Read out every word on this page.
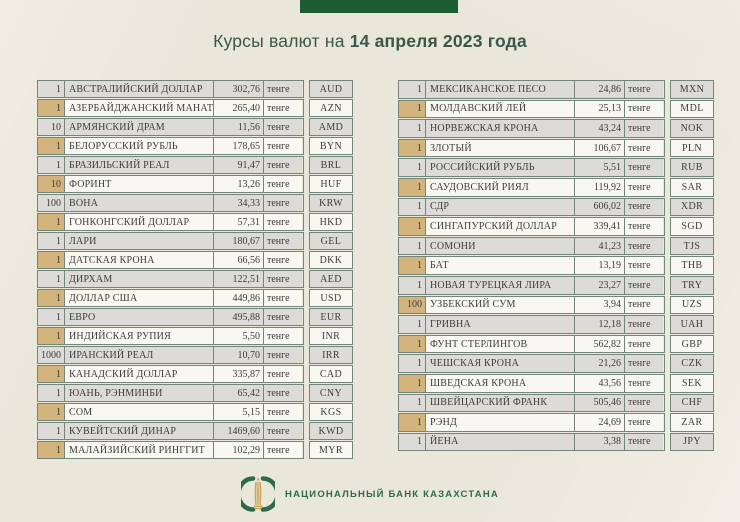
Курсы валют на 14 апреля 2023 года
1 АВСТРАЛИЙСКИЙ ДОЛЛАР	302,76 тенге	AUD
1 АЗЕРБАЙДЖАНСКИЙ МАНАТ	265,40 тенге	AZN
10 АРМЯНСКИЙ ДРАМ	11,56 тенге	AMD
1 БЕЛОРУССКИЙ РУБЛЬ	178,65 тенге	BYN
1 БРАЗИЛЬСКИЙ РЕАЛ	91,47 тенге	BRL
10 ФОРИНТ	13,26 тенге	HUF
100 ВОНА	34,33 тенге	KRW
1 ГОНКОНГСКИЙ ДОЛЛАР	57,31 тенге	HKD
1 ЛАРИ	180,67 тенге	GEL
1 ДАТСКАЯ КРОНА	66,56 тенге	DKK
1 ДИРХАМ	122,51 тенге	AED
1 ДОЛЛАР США	449,86 тенге	USD
1 ЕВРО	495,88 тенге	EUR
1 ИНДИЙСКАЯ РУПИЯ	5,50 тенге	INR
1000 ИРАНСКИЙ РЕАЛ	10,70 тенге	IRR
1 КАНАДСКИЙ ДОЛЛАР	335,87 тенге	CAD
1 ЮАНЬ, РЭНМИНБИ	65,42 тенге	CNY
1 СОМ	5,15 тенге	KGS
1 КУВЕЙТСКИЙ ДИНАР	1469,60 тенге	KWD
1 МАЛАЙЗИЙСКИЙ РИНГГИТ	102,29 тенге	MYR
1 МЕКСИКАНСКОЕ ПЕСО	24,86 тенге	MXN
1 МОЛДАВСКИЙ ЛЕЙ	25,13 тенге	MDL
1 НОРВЕЖСКАЯ КРОНА	43,24 тенге	NOK
1 ЗЛОТЫЙ	106,67 тенге	PLN
1 РОССИЙСКИЙ РУБЛЬ	5,51 тенге	RUB
1 САУДОВСКИЙ РИЯЛ	119,92 тенге	SAR
1 СДР	606,02 тенге	XDR
1 СИНГАПУРСКИЙ ДОЛЛАР	339,41 тенге	SGD
1 СОМОНИ	41,23 тенге	TJS
1 БАТ	13,19 тенге	THB
1 НОВАЯ ТУРЕЦКАЯ ЛИРА	23,27 тенге	TRY
100 УЗБЕКСКИЙ СУМ	3,94 тенге	UZS
1 ГРИВНА	12,18 тенге	UAH
1 ФУНТ СТЕРЛИНГОВ	562,82 тенге	GBP
1 ЧЕШСКАЯ КРОНА	21,26 тенге	CZK
1 ШВЕДСКАЯ КРОНА	43,56 тенге	SEK
1 ШВЕЙЦАРСКИЙ ФРАНК	505,46 тенге	CHF
1 РЭНД	24,69 тенге	ZAR
1 ЙЕНА	3,38 тенге	JPY
НАЦИОНАЛЬНЫЙ БАНК КАЗАХСТАНА
